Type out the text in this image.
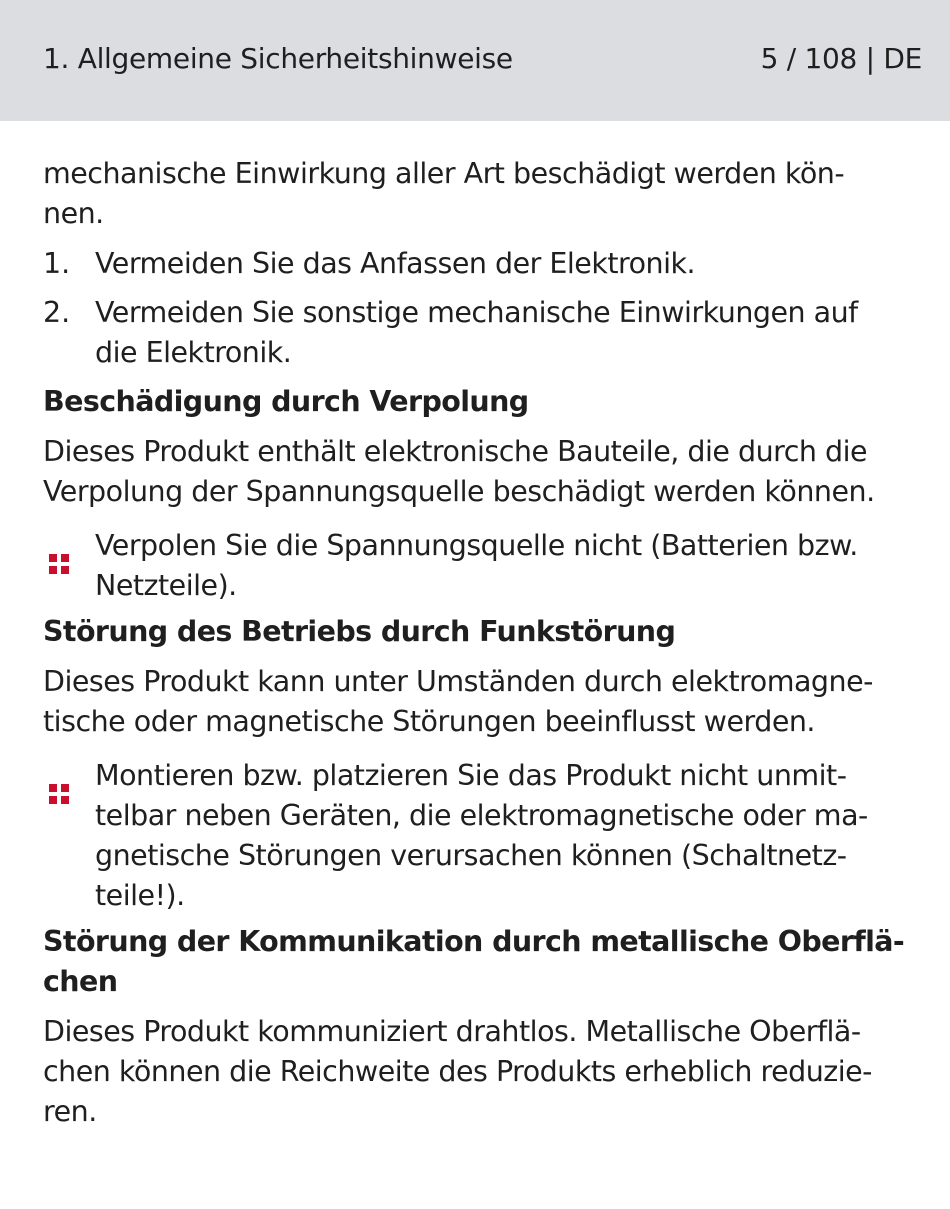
1. Allgemeine Sicherheitshinweise	5 / 108 | DE
mechanische Einwirkung aller Art beschädigt werden kön-
nen.
1. Vermeiden Sie das Anfassen der Elektronik.
2. Vermeiden Sie sonstige mechanische Einwirkungen auf
die Elektronik.
Beschädigung durch Verpolung
Dieses Produkt enthält elektronische Bauteile, die durch die
Verpolung der Spannungsquelle beschädigt werden können.
Verpolen Sie die Spannungsquelle nicht (Batterien bzw.
Netzteile).
Störung des Betriebs durch Funkstörung
Dieses Produkt kann unter Umständen durch elektromagne-
tische oder magnetische Störungen beeinflusst werden.
Montieren bzw. platzieren Sie das Produkt nicht unmit-
telbar neben Geräten, die elektromagnetische oder ma-
gnetische Störungen verursachen können (Schaltnetz-
teile!).
Störung der Kommunikation durch metallische Oberflä-
chen
Dieses Produkt kommuniziert drahtlos. Metallische Oberflä-
chen können die Reichweite des Produkts erheblich reduzie-
ren.
